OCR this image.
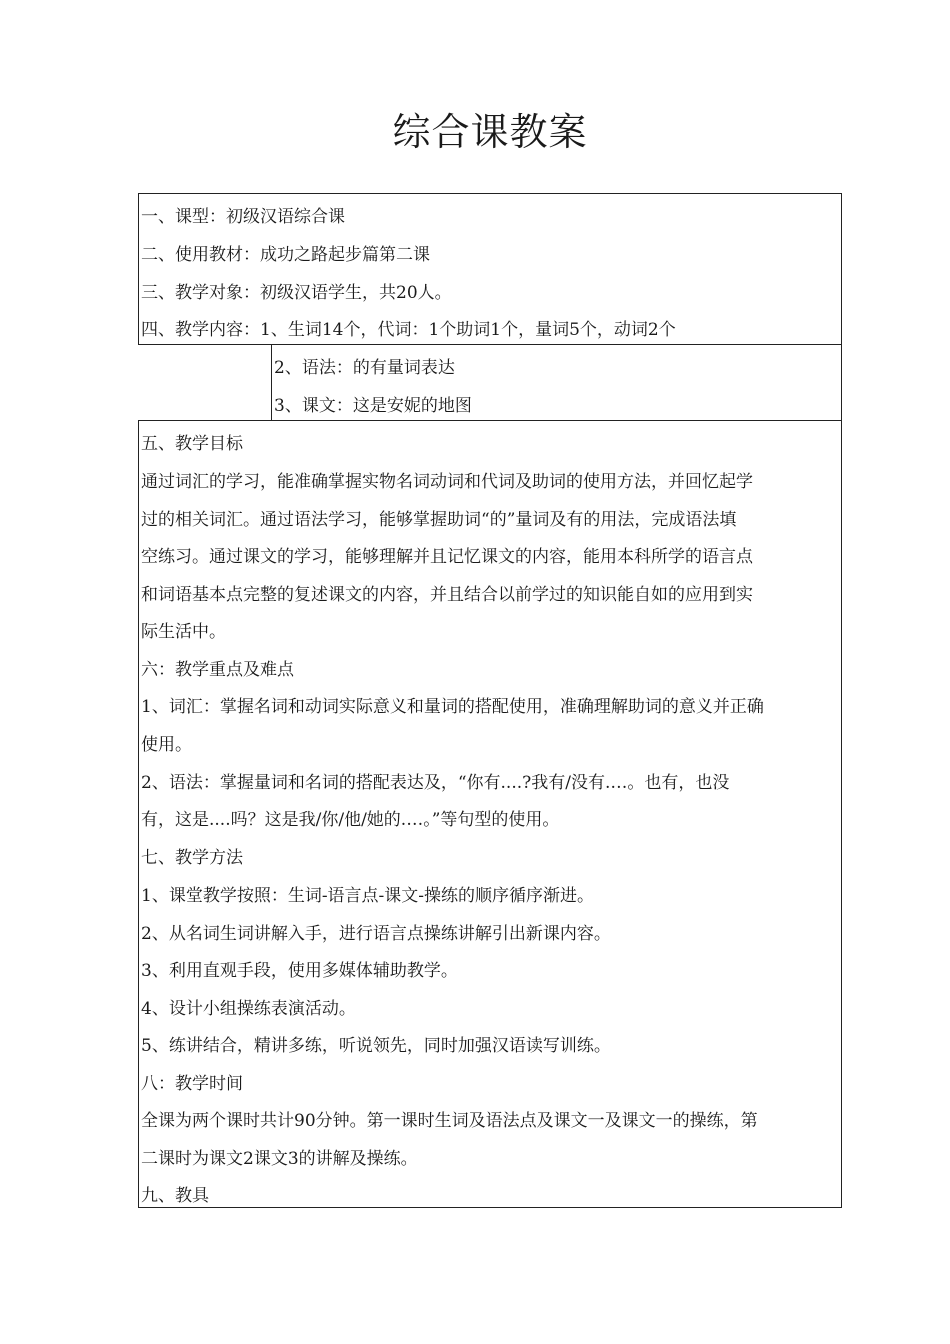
综合课教案
一、课型：初级汉语综合课
二、使用教材：成功之路起步篇第二课
三、教学对象：初级汉语学生，共20人。
四、教学内容：1、生词14个，代词：1个助词1个，量词5个，动词2个
2、语法：的有量词表达
3、课文：这是安妮的地图
五、教学目标
通过词汇的学习，能准确掌握实物名词动词和代词及助词的使用方法，并回忆起学
过的相关词汇。通过语法学习，能够掌握助词“的”量词及有的用法，完成语法填
空练习。通过课文的学习，能够理解并且记忆课文的内容，能用本科所学的语言点
和词语基本点完整的复述课文的内容，并且结合以前学过的知识能自如的应用到实
际生活中。
六：教学重点及难点
1、词汇：掌握名词和动词实际意义和量词的搭配使用，准确理解助词的意义并正确
使用。
2、语法：掌握量词和名词的搭配表达及，“你有....?我有/没有.…。也有，也没
有，这是....吗？这是我/你/他/她的.…。”等句型的使用。
七、教学方法
1、课堂教学按照：生词-语言点-课文-操练的顺序循序渐进。
2、从名词生词讲解入手，进行语言点操练讲解引出新课内容。
3、利用直观手段，使用多媒体辅助教学。
4、设计小组操练表演活动。
5、练讲结合，精讲多练，听说领先，同时加强汉语读写训练。
八：教学时间
全课为两个课时共计90分钟。第一课时生词及语法点及课文一及课文一的操练，第
二课时为课文2课文3的讲解及操练。
九、教具
